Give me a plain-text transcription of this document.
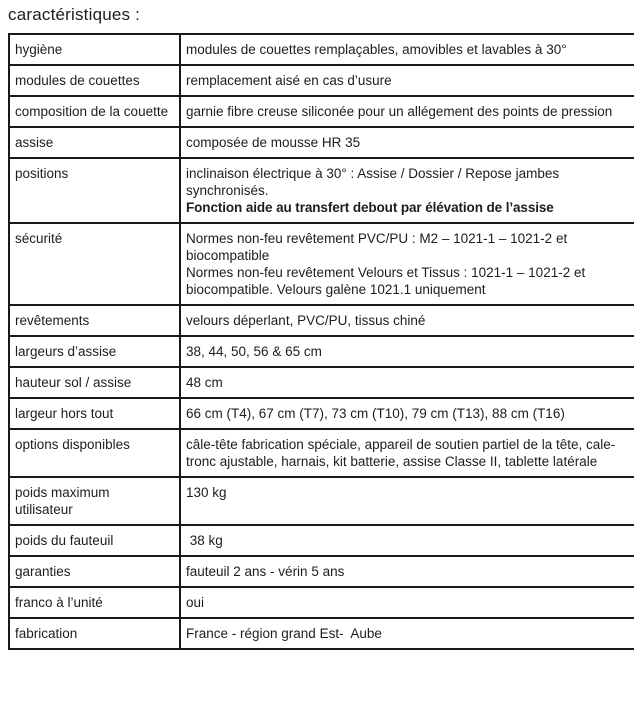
caractéristiques :
hygiène	modules de couettes remplaçables, amovibles et lavables à 30°

modules de couettes	remplacement aisé en cas d’usure

composition de la couette	garnie fibre creuse siliconée pour un allégement des points de pression

assise	composée de mousse HR 35

positions	inclinaison électrique à 30° : Assise / Dossier / Repose jambes synchronisés.
Fonction aide au transfert debout par élévation de l’assise

sécurité	Normes non-feu revêtement PVC/PU : M2 – 1021-1 – 1021-2 et biocompatible
Normes non-feu revêtement Velours et Tissus : 1021-1 – 1021-2 et biocompatible. Velours galène 1021.1 uniquement

revêtements	velours déperlant, PVC/PU, tissus chiné

largeurs d’assise	38, 44, 50, 56 & 65 cm

hauteur sol / assise	48 cm

largeur hors tout	66 cm (T4), 67 cm (T7), 73 cm (T10), 79 cm (T13), 88 cm (T16)

options disponibles	câle-tête fabrication spéciale, appareil de soutien partiel de la tête, cale-tronc ajustable, harnais, kit batterie, assise Classe II, tablette latérale

poids maximum utilisateur	130 kg

poids du fauteuil	38 kg

garanties	fauteuil 2 ans - vérin 5 ans

franco à l’unité	oui

fabrication	France - région grand Est-  Aube
